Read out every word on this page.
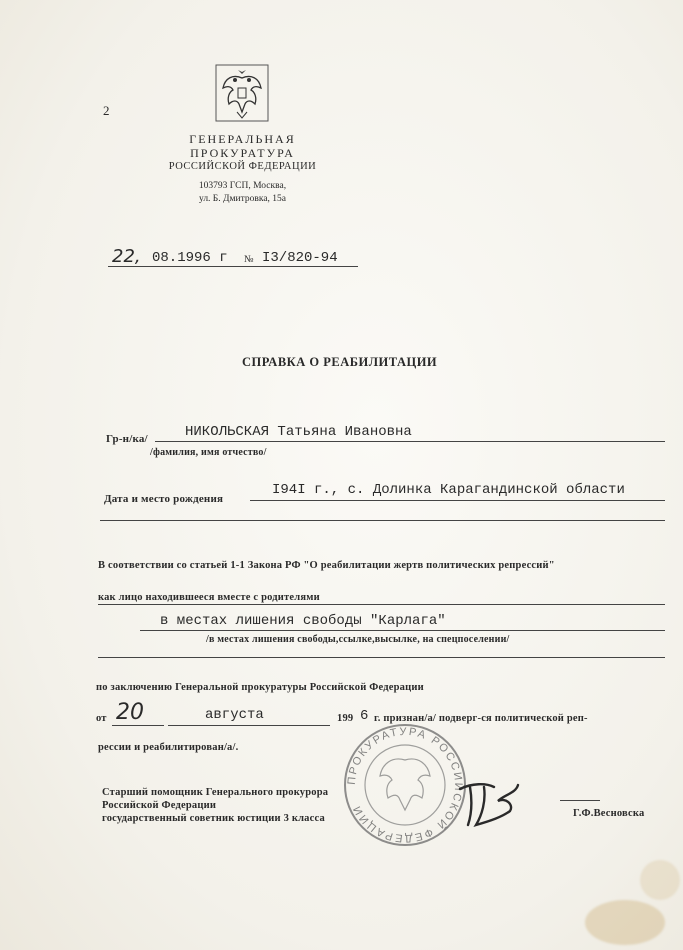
2
ГЕНЕРАЛЬНАЯ
ПРОКУРАТУРА
РОССИЙСКОЙ ФЕДЕРАЦИИ
103793 ГСП, Москва,
ул. Б. Дмитровка, 15а
22, 08.1996 г № I3/820-94
СПРАВКА О РЕАБИЛИТАЦИИ
Гр-н/ка/	НИКОЛЬСКАЯ Татьяна Ивановна
/фамилия, имя отчество/
Дата и место рождения
I94I г., с. Долинка Карагандинской области
В соответствии со статьей 1-1 Закона РФ "О реабилитации жертв политических репрессий"
как лицо находившееся вместе с родителями
в местах лишения свободы "Карлага"
/в местах лишения свободы,ссылке,высылке, на спецпоселении/
по заключению Генеральной прокуратуры Российской Федерации
от 20	августа	199 6 г. признан/а/ подверг-ся политической реп-
рессии и реабилитирован/а/.
ПРОКУРАТУРА РОССИЙСКОЙ ФЕДЕРАЦИИ
Старший помощник Генерального прокурора
Российской Федерации
государственный советник юстиции 3 класса	Г.Ф.Весновска
